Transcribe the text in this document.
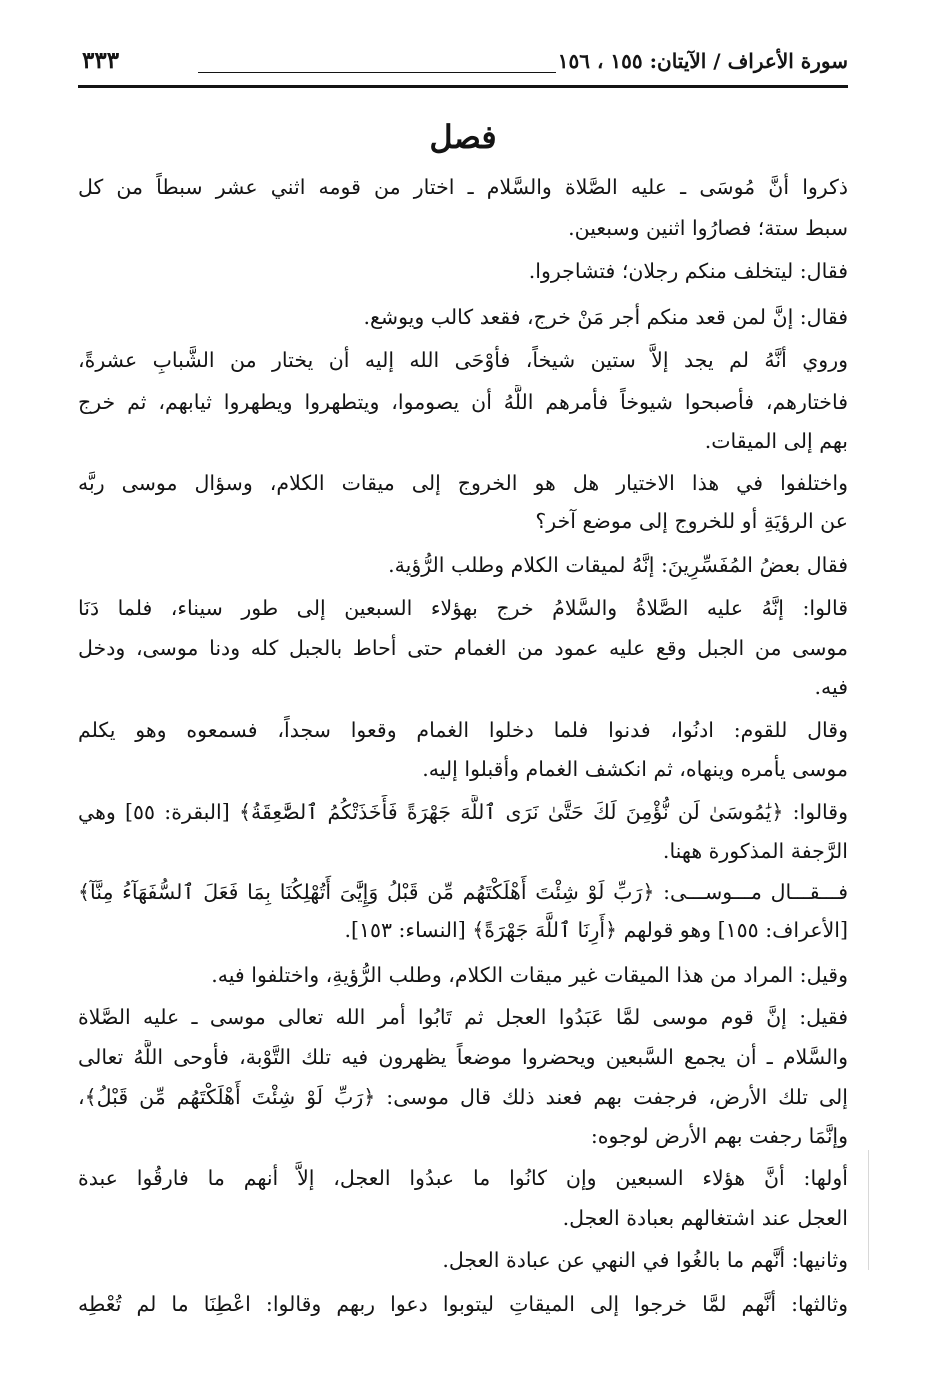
سورة الأعراف / الآيتان: ١٥٥ ، ١٥٦
٣٣٣
فصل
ذكروا أنَّ مُوسَى ـ عليه الصَّلاة والسَّلام ـ اختار من قومه اثني عشر سبطاً من كل
سبط ستة؛ فصارُوا اثنين وسبعين.
فقال: ليتخلف منكم رجلان؛ فتشاجروا.
فقال: إنَّ لمن قعد منكم أجر مَنْ خرج، فقعد كالب ويوشع.
وروي أنَّهُ لم يجد إلاَّ ستين شيخاً، فأوْحَى الله إليه أن يختار من الشَّبابِ عشرةً،
فاختارهم، فأصبحوا شيوخاً فأمرهم اللَّهُ أن يصوموا، ويتطهروا ويطهروا ثيابهم، ثم خرج
بهم إلى الميقات.
واختلفوا في هذا الاختيار هل هو الخروج إلى ميقات الكلام، وسؤال موسى ربَّه
عن الرؤيَةِ أو للخروج إلى موضع آخر؟
فقال بعضُ المُفَسِّرِينَ: إنَّهُ لميقات الكلام وطلب الرُّؤية.
قالوا: إنَّهُ عليه الصَّلاةُ والسَّلامُ خرج بهؤلاء السبعين إلى طور سيناء، فلما دَنَا
موسى من الجبل وقع عليه عمود من الغمام حتى أحاط بالجبل كله ودنا موسى، ودخل
فيه.
وقال للقوم: ادنُوا، فدنوا فلما دخلوا الغمام وقعوا سجداً، فسمعوه وهو يكلم
موسى يأمره وينهاه، ثم انكشف الغمام وأقبلوا إليه.
وقالوا: ﴿يَٰمُوسَىٰ لَن نُّؤْمِنَ لَكَ حَتَّىٰ نَرَى ٱللَّهَ جَهْرَةً فَأَخَذَتْكُمُ ٱلصَّٰعِقَةُ﴾ [البقرة: ٥٥] وهي
الرَّجفة المذكورة ههنا.
فـــقـــال مـــوســـى: ﴿رَبِّ لَوْ شِئْتَ أَهْلَكْتَهُم مِّن قَبْلُ وَإِيَّٰىَ أَتُهْلِكُنَا بِمَا فَعَلَ ٱلسُّفَهَآءُ مِنَّآ﴾
[الأعراف: ١٥٥] وهو قولهم ﴿أَرِنَا ٱللَّهَ جَهْرَةً﴾ [النساء: ١٥٣].
وقيل: المراد من هذا الميقات غير ميقات الكلام، وطلب الرُّؤيةِ، واختلفوا فيه.
فقيل: إنَّ قوم موسى لمَّا عَبَدُوا العجل ثم تَابُوا أمر الله تعالى موسى ـ عليه الصَّلاة
والسَّلام ـ أن يجمع السَّبعين ويحضروا موضعاً يظهرون فيه تلك التَّوْبة، فأوحى اللَّهُ تعالى
إلى تلك الأرض، فرجفت بهم فعند ذلك قال موسى: ﴿رَبِّ لَوْ شِئْتَ أَهْلَكْتَهُم مِّن قَبْلُ﴾،
وإنَّمَا رجفت بهم الأرض لوجوه:
أولها: أنَّ هؤلاء السبعين وإن كانُوا ما عبدُوا العجل، إلاَّ أنهم ما فارقُوا عبدة
العجل عند اشتغالهم بعبادة العجل.
وثانيها: أنَّهم ما بالغُوا في النهي عن عبادة العجل.
وثالثها: أنَّهم لمَّا خرجوا إلى الميقاتِ ليتوبوا دعوا ربهم وقالوا: اعْطِنَا ما لم تُعْطِه
